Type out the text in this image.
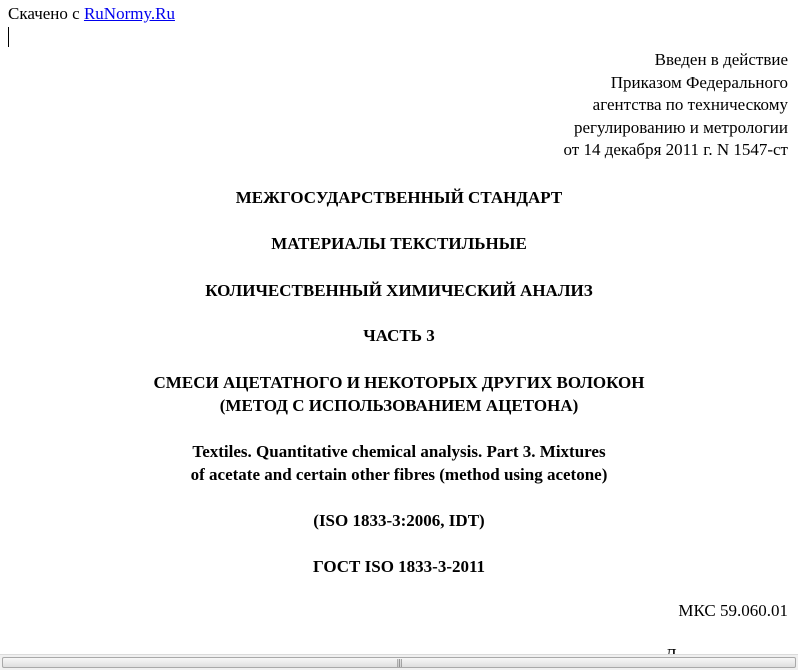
Скачено с RuNormy.Ru
Введен в действие
Приказом Федерального
агентства по техническому
регулированию и метрологии
от 14 декабря 2011 г. N 1547-ст
МЕЖГОСУДАРСТВЕННЫЙ СТАНДАРТ
МАТЕРИАЛЫ ТЕКСТИЛЬНЫЕ
КОЛИЧЕСТВЕННЫЙ ХИМИЧЕСКИЙ АНАЛИЗ
ЧАСТЬ 3
СМЕСИ АЦЕТАТНОГО И НЕКОТОРЫХ ДРУГИХ ВОЛОКОН
(МЕТОД С ИСПОЛЬЗОВАНИЕМ АЦЕТОНА)
Textiles. Quantitative chemical analysis. Part 3. Mixtures
of acetate and certain other fibres (method using acetone)
(ISO 1833-3:2006, IDT)
ГОСТ ISO 1833-3-2011
МКС 59.060.01
|||
